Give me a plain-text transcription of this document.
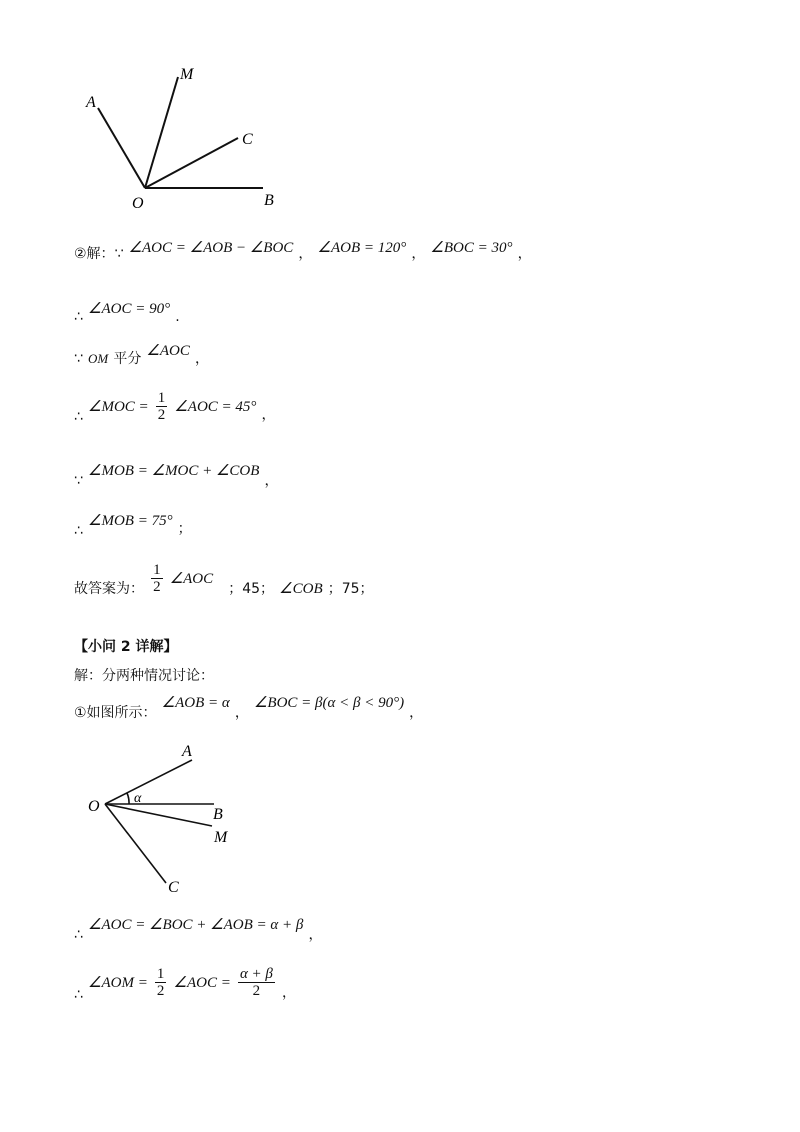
A
M
C
O	B
②解：∵ ∠AOC = ∠AOB − ∠BOC ， ∠AOB = 120° ， ∠BOC = 30° ，
∴ ∠AOC = 90° .
∵ $_{OM}$ 平分 ∠AOC ，
∴ ∠MOC = $\frac{1}{2}$ ∠AOC = 45° ，
∵ ∠MOB = ∠MOC + ∠COB ，
∴ ∠MOB = 75° ；
故答案为： $\frac{1}{2}$ ∠AOC ；45； ∠COB ；75；
【小问 2 详解】
解：分两种情况讨论：
①如图所示： ∠AOB = α ， ∠BOC = β(α < β < 90°) ，
A
O α
B
M
C
∴ ∠AOC = ∠BOC + ∠AOB = α + β ，
∴ ∠AOM = $\frac{1}{2}$ ∠AOC = $\frac{\alpha + \beta}{2}$ ，
